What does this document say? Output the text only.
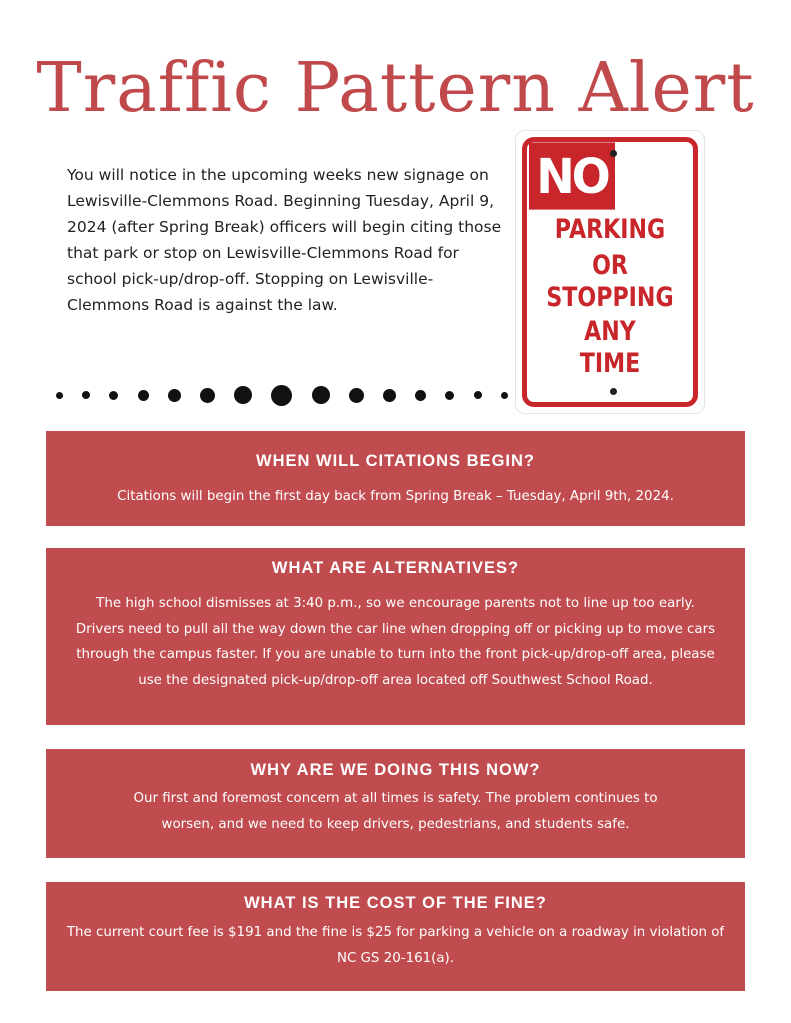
Traffic Pattern Alert
You will notice in the upcoming weeks new signage on Lewisville-Clemmons Road. Beginning Tuesday, April 9, 2024 (after Spring Break) officers will begin citing those that park or stop on Lewisville-Clemmons Road for school pick-up/drop-off. Stopping on Lewisville-Clemmons Road is against the law.
NO
PARKING
OR
STOPPING
ANY
TIME
WHEN WILL CITATIONS BEGIN?
Citations will begin the first day back from Spring Break – Tuesday, April 9th, 2024.
WHAT ARE ALTERNATIVES?
The high school dismisses at 3:40 p.m., so we encourage parents not to line up too early. Drivers need to pull all the way down the car line when dropping off or picking up to move cars through the campus faster. If you are unable to turn into the front pick-up/drop-off area, please use the designated pick-up/drop-off area located off Southwest School Road.
WHY ARE WE DOING THIS NOW?
Our first and foremost concern at all times is safety. The problem continues to worsen, and we need to keep drivers, pedestrians, and students safe.
WHAT IS THE COST OF THE FINE?
The current court fee is $191 and the fine is $25 for parking a vehicle on a roadway in violation of NC GS 20-161(a).
